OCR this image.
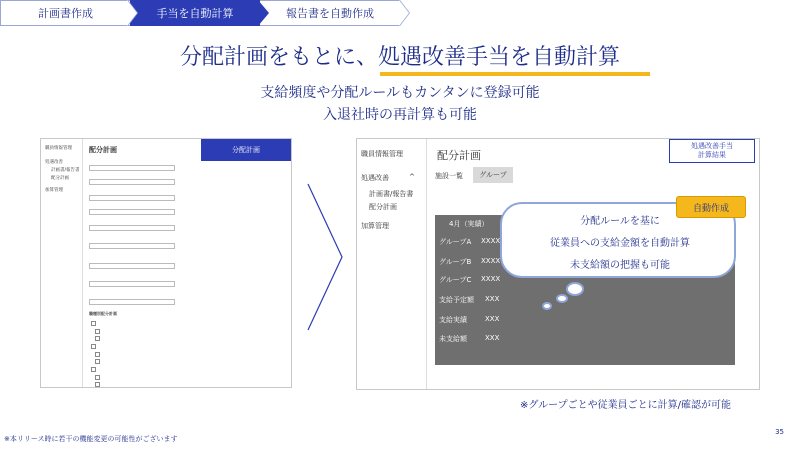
計画書作成	手当を自動計算	報告書を自動作成
分配計画をもとに、処遇改善手当を自動計算
支給頻度や分配ルールもカンタンに登録可能
入退社時の再計算も可能
職員情報管理
処遇改善
計画書/報告書
配分計画
加算管理
配分計画	分配計画
職種別配分計画
職員情報管理
処遇改善	^
計画書/報告書
配分計画
加算管理
配分計画
処遇改善手当
計算結果
施設一覧	グループ
4月（実績）
グループA XXXX
グループB XXXX
グループC XXXX
支給予定額 XXX
支給実績	XXX
未支給額	XXX
分配ルールを基に
従業員への支給金額を自動計算
未支給額の把握も可能
自動作成
※グループごとや従業員ごとに計算/確認が可能
※本リリース時に若干の機能変更の可能性がございます
35
